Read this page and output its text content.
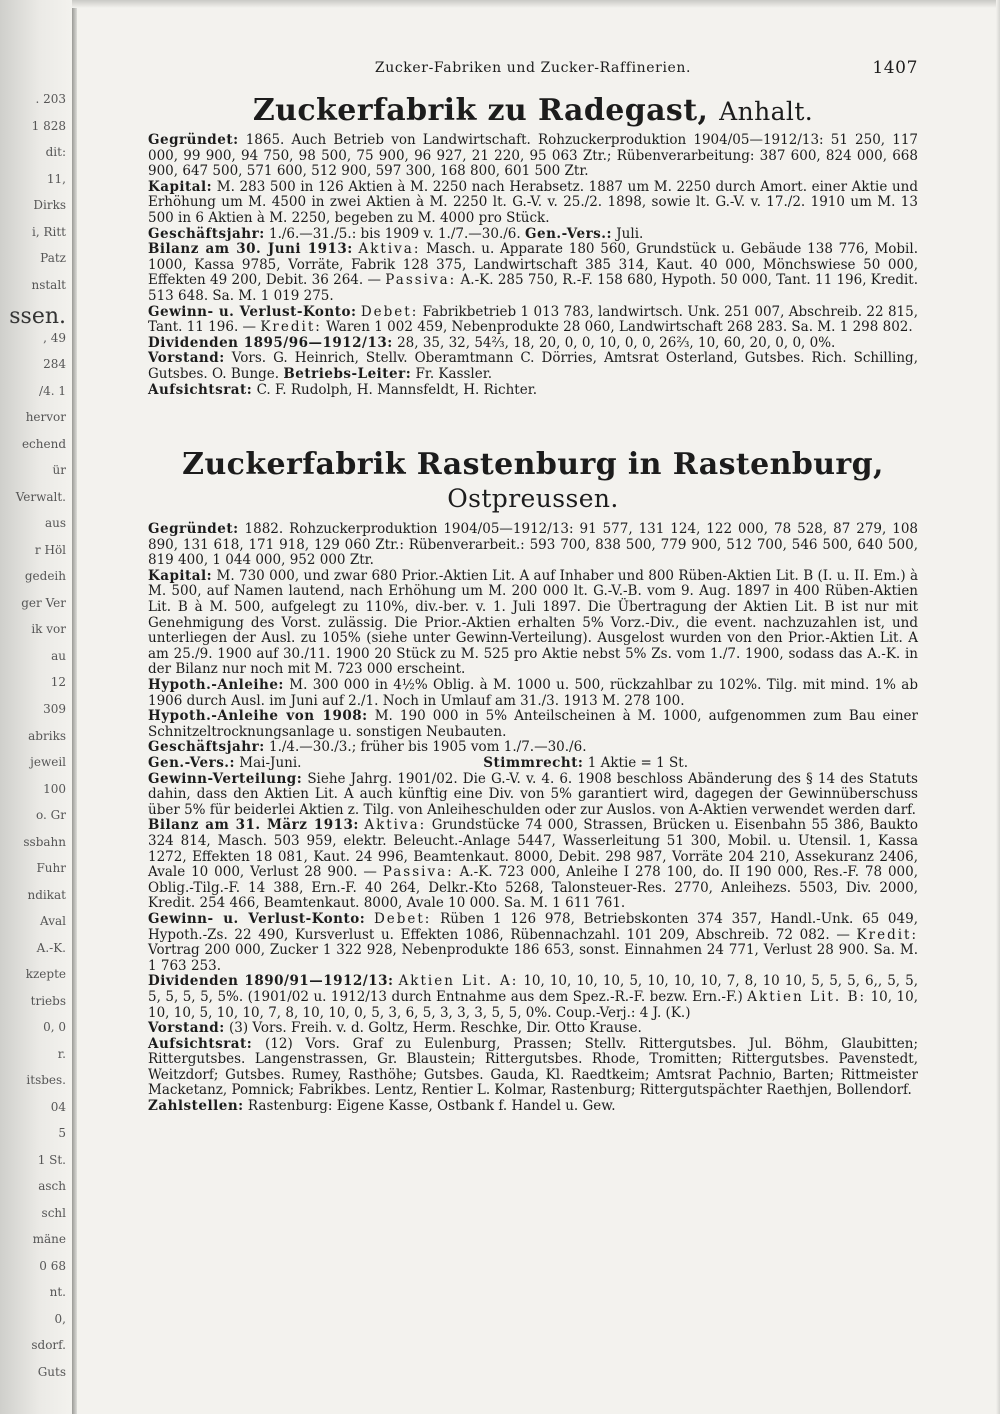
. 203
1 828
dit:
11,
Dirks
i, Ritt
Patz
nstalt
ssen.
, 49
284
/4. 1
hervor
echend
ür
Verwalt.
aus
r Höl
gedeih
ger Ver
ik vor
au
12
309
abriks
jeweil
100
o. Gr
ssbahn
Fuhr
ndikat
Aval
A.-K.
kzepte
triebs
0, 0
r.
itsbes.
04
5
1 St.
asch
schl
mäne
0 68
nt.
0,
sdorf.
Guts
Zucker-Fabriken und Zucker-Raffinerien.	1407
Zuckerfabrik zu Radegast, Anhalt.

Gegründet: 1865. Auch Betrieb von Landwirtschaft. Rohzuckerproduktion 1904/05—1912/13: 51 250, 117 000, 99 900, 94 750, 98 500, 75 900, 96 927, 21 220, 95 063 Ztr.; Rübenverarbeitung: 387 600, 824 000, 668 900, 647 500, 571 600, 512 900, 597 300, 168 800, 601 500 Ztr.

Kapital: M. 283 500 in 126 Aktien à M. 2250 nach Herabsetz. 1887 um M. 2250 durch Amort. einer Aktie und Erhöhung um M. 4500 in zwei Aktien à M. 2250 lt. G.-V. v. 25./2. 1898, sowie lt. G.-V. v. 17./2. 1910 um M. 13 500 in 6 Aktien à M. 2250, begeben zu M. 4000 pro Stück.

Geschäftsjahr: 1./6.—31./5.: bis 1909 v. 1./7.—30./6. Gen.-Vers.: Juli.

Bilanz am 30. Juni 1913: Aktiva: Masch. u. Apparate 180 560, Grundstück u. Gebäude 138 776, Mobil. 1000, Kassa 9785, Vorräte, Fabrik 128 375, Landwirtschaft 385 314, Kaut. 40 000, Mönchswiese 50 000, Effekten 49 200, Debit. 36 264. — Passiva: A.-K. 285 750, R.-F. 158 680, Hypoth. 50 000, Tant. 11 196, Kredit. 513 648. Sa. M. 1 019 275.

Gewinn- u. Verlust-Konto: Debet: Fabrikbetrieb 1 013 783, landwirtsch. Unk. 251 007, Abschreib. 22 815, Tant. 11 196. — Kredit: Waren 1 002 459, Nebenprodukte 28 060, Landwirtschaft 268 283. Sa. M. 1 298 802.

Dividenden 1895/96—1912/13: 28, 35, 32, 54⅔, 18, 20, 0, 0, 10, 0, 0, 26⅔, 10, 60, 20, 0, 0, 0%.

Vorstand: Vors. G. Heinrich, Stellv. Oberamtmann C. Dörries, Amtsrat Osterland, Gutsbes. Rich. Schilling, Gutsbes. O. Bunge. Betriebs-Leiter: Fr. Kassler.

Aufsichtsrat: C. F. Rudolph, H. Mannsfeldt, H. Richter.

Zuckerfabrik Rastenburg in Rastenburg, Ostpreussen.

Gegründet: 1882. Rohzuckerproduktion 1904/05—1912/13: 91 577, 131 124, 122 000, 78 528, 87 279, 108 890, 131 618, 171 918, 129 060 Ztr.: Rübenverarbeit.: 593 700, 838 500, 779 900, 512 700, 546 500, 640 500, 819 400, 1 044 000, 952 000 Ztr.

Kapital: M. 730 000, und zwar 680 Prior.-Aktien Lit. A auf Inhaber und 800 Rüben-Aktien Lit. B (I. u. II. Em.) à M. 500, auf Namen lautend, nach Erhöhung um M. 200 000 lt. G.-V.-B. vom 9. Aug. 1897 in 400 Rüben-Aktien Lit. B à M. 500, aufgelegt zu 110%, div.-ber. v. 1. Juli 1897. Die Übertragung der Aktien Lit. B ist nur mit Genehmigung des Vorst. zulässig. Die Prior.-Aktien erhalten 5% Vorz.-Div., die event. nachzuzahlen ist, und unterliegen der Ausl. zu 105% (siehe unter Gewinn-Verteilung). Ausgelost wurden von den Prior.-Aktien Lit. A am 25./9. 1900 auf 30./11. 1900 20 Stück zu M. 525 pro Aktie nebst 5% Zs. vom 1./7. 1900, sodass das A.-K. in der Bilanz nur noch mit M. 723 000 erscheint.

Hypoth.-Anleihe: M. 300 000 in 4½% Oblig. à M. 1000 u. 500, rückzahlbar zu 102%. Tilg. mit mind. 1% ab 1906 durch Ausl. im Juni auf 2./1. Noch in Umlauf am 31./3. 1913 M. 278 100.

Hypoth.-Anleihe von 1908: M. 190 000 in 5% Anteilscheinen à M. 1000, aufgenommen zum Bau einer Schnitzeltrocknungsanlage u. sonstigen Neubauten.

Geschäftsjahr: 1./4.—30./3.; früher bis 1905 vom 1./7.—30./6.

Gen.-Vers.: Mai-Juni.	Stimmrecht: 1 Aktie = 1 St.

Gewinn-Verteilung: Siehe Jahrg. 1901/02. Die G.-V. v. 4. 6. 1908 beschloss Abänderung des § 14 des Statuts dahin, dass den Aktien Lit. A auch künftig eine Div. von 5% garantiert wird, dagegen der Gewinnüberschuss über 5% für beiderlei Aktien z. Tilg. von Anleiheschulden oder zur Auslos. von A-Aktien verwendet werden darf.

Bilanz am 31. März 1913: Aktiva: Grundstücke 74 000, Strassen, Brücken u. Eisenbahn 55 386, Baukto 324 814, Masch. 503 959, elektr. Beleucht.-Anlage 5447, Wasserleitung 51 300, Mobil. u. Utensil. 1, Kassa 1272, Effekten 18 081, Kaut. 24 996, Beamtenkaut. 8000, Debit. 298 987, Vorräte 204 210, Assekuranz 2406, Avale 10 000, Verlust 28 900. — Passiva: A.-K. 723 000, Anleihe I 278 100, do. II 190 000, Res.-F. 78 000, Oblig.-Tilg.-F. 14 388, Ern.-F. 40 264, Delkr.-Kto 5268, Talonsteuer-Res. 2770, Anleihezs. 5503, Div. 2000, Kredit. 254 466, Beamtenkaut. 8000, Avale 10 000. Sa. M. 1 611 761.

Gewinn- u. Verlust-Konto: Debet: Rüben 1 126 978, Betriebskonten 374 357, Handl.-Unk. 65 049, Hypoth.-Zs. 22 490, Kursverlust u. Effekten 1086, Rübennachzahl. 101 209, Abschreib. 72 082. — Kredit: Vortrag 200 000, Zucker 1 322 928, Nebenprodukte 186 653, sonst. Einnahmen 24 771, Verlust 28 900. Sa. M. 1 763 253.

Dividenden 1890/91—1912/13: Aktien Lit. A: 10, 10, 10, 10, 5, 10, 10, 10, 7, 8, 10 10, 5, 5, 5, 6,, 5, 5, 5, 5, 5, 5, 5%. (1901/02 u. 1912/13 durch Entnahme aus dem Spez.-R.-F. bezw. Ern.-F.) Aktien Lit. B: 10, 10, 10, 10, 5, 10, 10, 7, 8, 10, 10, 0, 5, 3, 6, 5, 3, 3, 3, 5, 5, 0%. Coup.-Verj.: 4 J. (K.)

Vorstand: (3) Vors. Freih. v. d. Goltz, Herm. Reschke, Dir. Otto Krause.

Aufsichtsrat: (12) Vors. Graf zu Eulenburg, Prassen; Stellv. Rittergutsbes. Jul. Böhm, Glaubitten; Rittergutsbes. Langenstrassen, Gr. Blaustein; Rittergutsbes. Rhode, Tromitten; Rittergutsbes. Pavenstedt, Weitzdorf; Gutsbes. Rumey, Rasthöhe; Gutsbes. Gauda, Kl. Raedtkeim; Amtsrat Pachnio, Barten; Rittmeister Macketanz, Pomnick; Fabrikbes. Lentz, Rentier L. Kolmar, Rastenburg; Rittergutspächter Raethjen, Bollendorf.

Zahlstellen: Rastenburg: Eigene Kasse, Ostbank f. Handel u. Gew.
